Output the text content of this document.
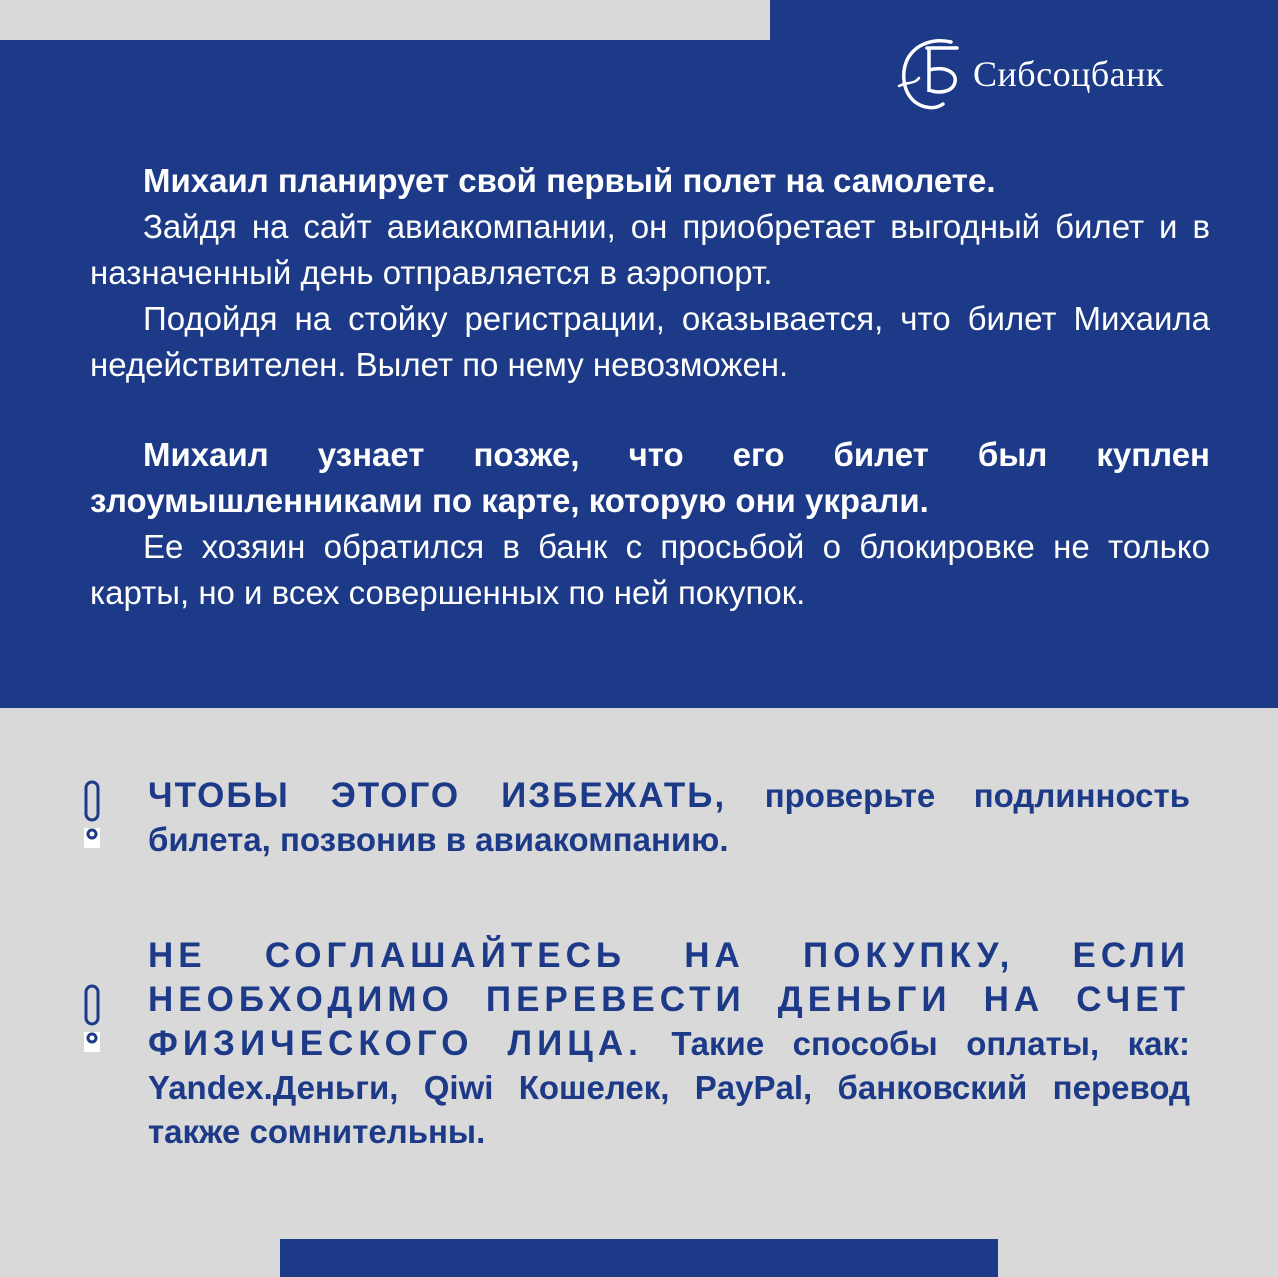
Сибсоцбанк

Михаил планирует свой первый полет на самолете.

Зайдя на сайт авиакомпании, он приобретает выгодный билет и в назначенный день отправляется в аэропорт.

Подойдя на стойку регистрации, оказывается, что билет Михаила недействителен. Вылет по нему невозможен.

Михаил узнает позже, что его билет был куплен злоумышленниками по карте, которую они украли.

Ее хозяин обратился в банк с просьбой о блокировке не только карты, но и всех совершенных по ней покупок.

ЧТОБЫ ЭТОГО ИЗБЕЖАТЬ, проверьте подлинность билета, позвонив в авиакомпанию.
НЕ СОГЛАШАЙТЕСЬ НА ПОКУПКУ, ЕСЛИ НЕОБХОДИМО ПЕРЕВЕСТИ ДЕНЬГИ НА СЧЕТ ФИЗИЧЕСКОГО ЛИЦА. Такие способы оплаты, как: Yandex.Деньги, Qiwi Кошелек, PayPal, банковский перевод также сомнительны.
